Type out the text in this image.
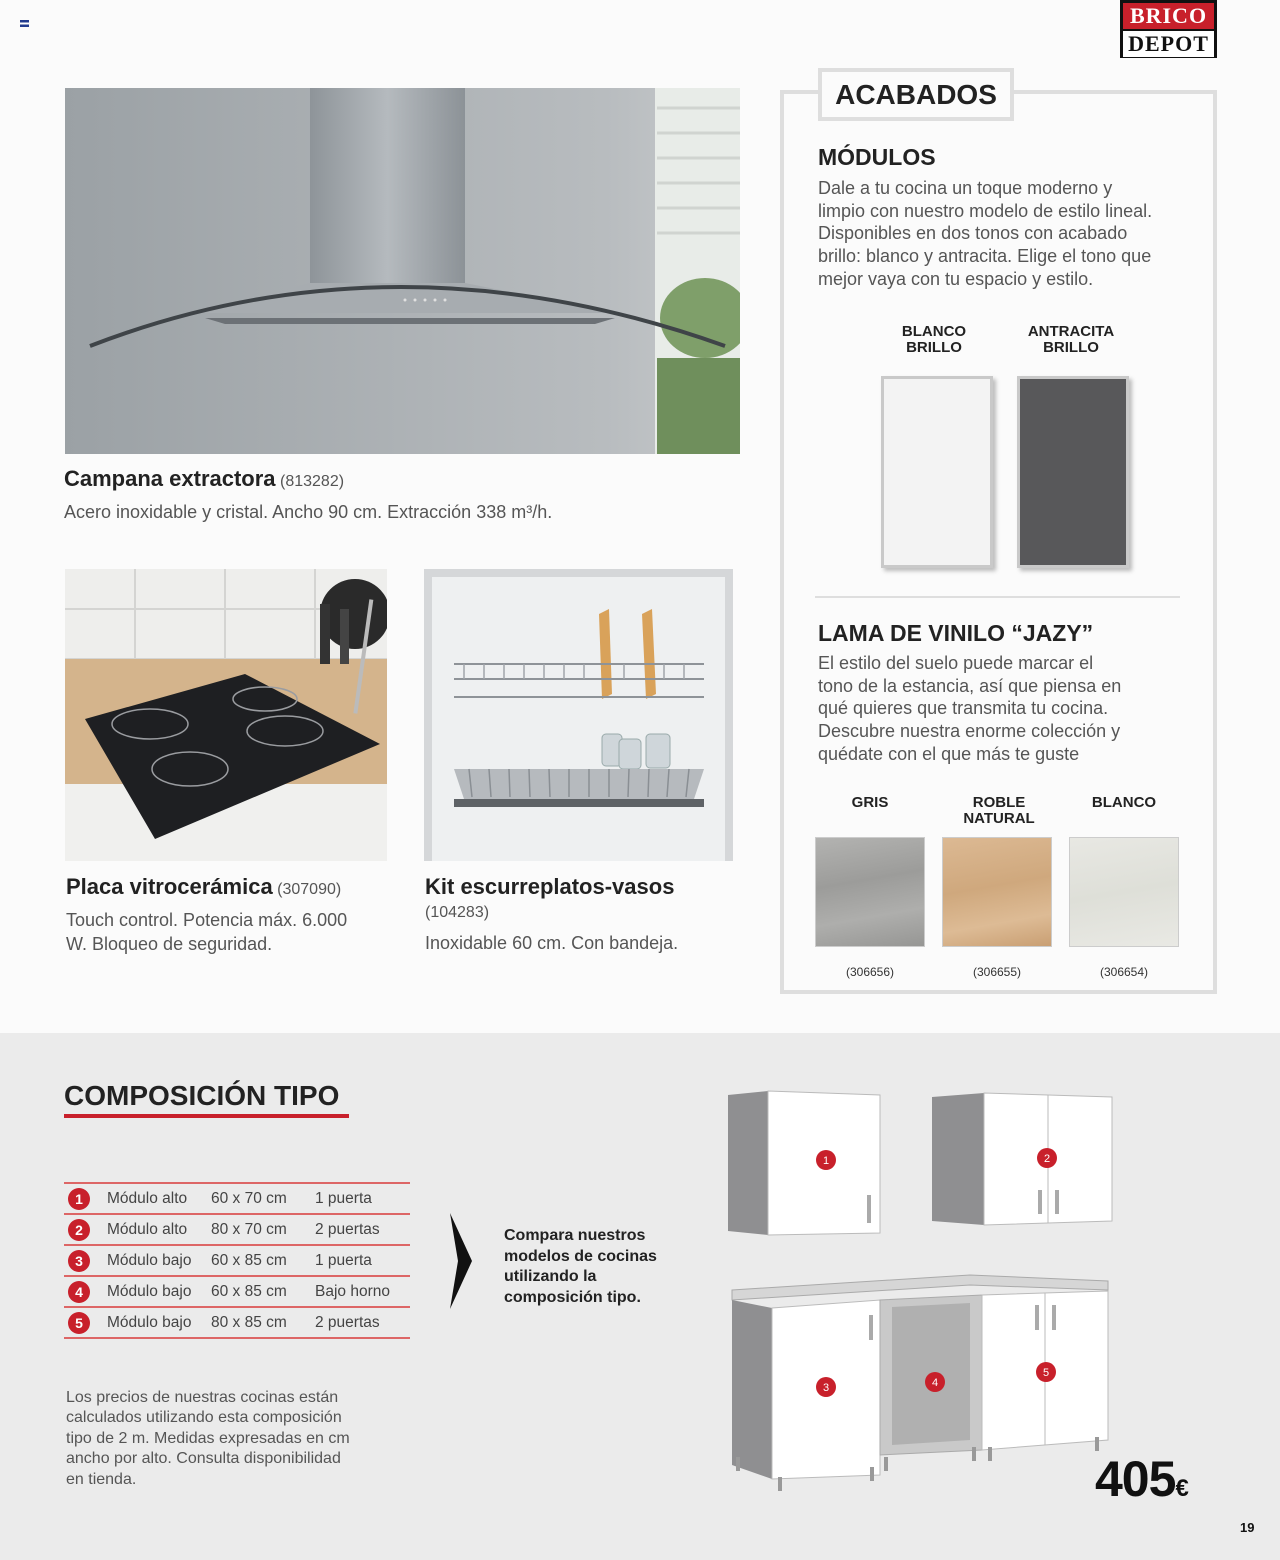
BRICO
DEPOT
Campana extractora (813282)
Acero inoxidable y cristal. Ancho 90 cm. Extracción 338 m³/h.
Placa vitrocerámica (307090)
Touch control. Potencia máx. 6.000
W. Bloqueo de seguridad.
Kit escurreplatos-vasos
(104283)
Inoxidable 60 cm. Con bandeja.
ACABADOS
MÓDULOS
Dale a tu cocina un toque moderno y
limpio con nuestro modelo de estilo lineal.
Disponibles en dos tonos con acabado
brillo: blanco y antracita. Elige el tono que
mejor vaya con tu espacio y estilo.
BLANCO
BRILLO
ANTRACITA
BRILLO
LAMA DE VINILO “JAZY”
El estilo del suelo puede marcar el
tono de la estancia, así que piensa en
qué quieres que transmita tu cocina.
Descubre nuestra enorme colección y
quédate con el que más te guste
GRIS	ROBLE
NATURAL
BLANCO
(306656)	(306655)	(306654)
COMPOSICIÓN TIPO
1	Módulo alto	60 x 70 cm	1 puerta
2	Módulo alto	80 x 70 cm	2 puertas
3	Módulo bajo	60 x 85 cm	1 puerta
4	Módulo bajo	60 x 85 cm	Bajo horno
5	Módulo bajo	80 x 85 cm	2 puertas
Los precios de nuestras cocinas están
calculados utilizando esta composición
tipo de 2 m. Medidas expresadas en cm
ancho por alto. Consulta disponibilidad
en tienda.
Compara nuestros
modelos de cocinas
utilizando la
composición tipo.
1	2
3	4
5
405€
19
